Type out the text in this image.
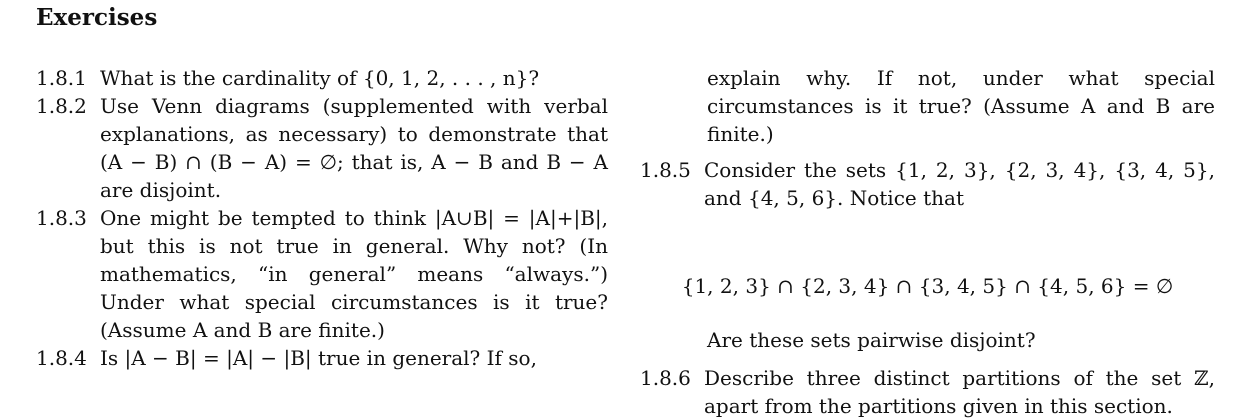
Exercises
1.8.1 What is the cardinality of {0, 1, 2, . . . , n}?
1.8.2 Use Venn diagrams (supplemented with verbal explanations, as necessary) to demonstrate that (A − B) ∩ (B − A) = ∅; that is, A − B and B − A are disjoint.
1.8.3 One might be tempted to think |A∪B| = |A|+|B|, but this is not true in general. Why not? (In mathematics, “in general” means “always.”) Under what special circumstances is it true? (Assume A and B are finite.)
1.8.4 Is |A − B| = |A| − |B| true in general? If so,
explain why. If not, under what special circumstances is it true? (Assume A and B are finite.)
1.8.5 Consider the sets {1, 2, 3}, {2, 3, 4}, {3, 4, 5}, and {4, 5, 6}. Notice that
{1, 2, 3} ∩ {2, 3, 4} ∩ {3, 4, 5} ∩ {4, 5, 6} = ∅
Are these sets pairwise disjoint?
1.8.6 Describe three distinct partitions of the set ℤ, apart from the partitions given in this section.
